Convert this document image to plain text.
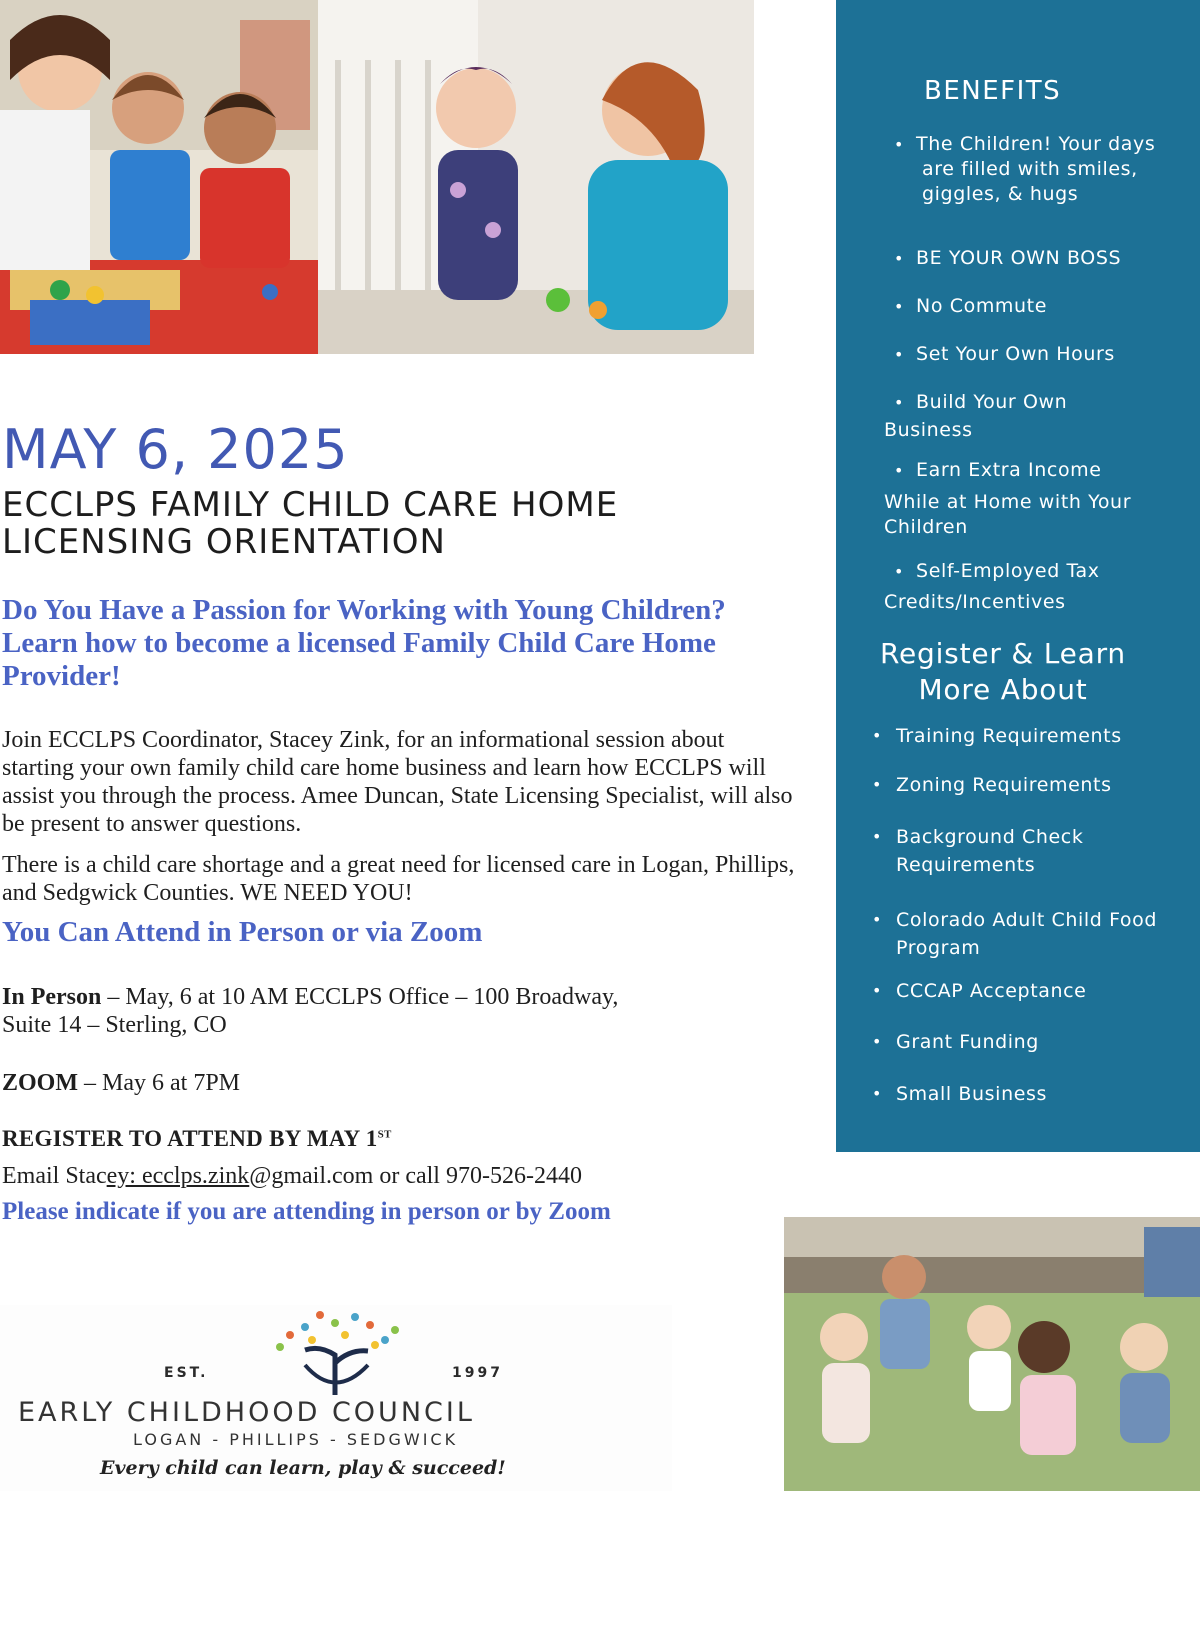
MAY 6, 2025
ECCLPS FAMILY CHILD CARE HOME
LICENSING ORIENTATION

Do You Have a Passion for Working with Young Children? Learn how to become a licensed Family Child Care Home Provider!

Join ECCLPS Coordinator, Stacey Zink, for an informational session about starting your own family child care home business and learn how ECCLPS will assist you through the process. Amee Duncan, State Licensing Specialist, will also be present to answer questions.

There is a child care shortage and a great need for licensed care in Logan, Phillips, and Sedgwick Counties. WE NEED YOU!

You Can Attend in Person or via Zoom

In Person – May, 6 at 10 AM ECCLPS Office – 100 Broadway, Suite 14 – Sterling, CO

ZOOM – May 6 at 7PM

REGISTER TO ATTEND BY MAY 1ST

Email Stacey: ecclps.zink@gmail.com or call 970-526-2440

Please indicate if you are attending in person or by Zoom

EST.	1997
EARLY CHILDHOOD COUNCIL
LOGAN - PHILLIPS - SEDGWICK
Every child can learn, play & succeed!
BENEFITS

• The Children! Your days are filled with smiles, giggles, & hugs

• BE YOUR OWN BOSS

• No Commute

• Set Your Own Hours

• Build Your Own

Business

• Earn Extra Income

While at Home with Your Children

• Self-Employed Tax

Credits/Incentives

Register & Learn More About

• Training Requirements

• Zoning Requirements

• Background Check Requirements

• Colorado Adult Child Food Program

• CCCAP Acceptance

• Grant Funding

• Small Business
